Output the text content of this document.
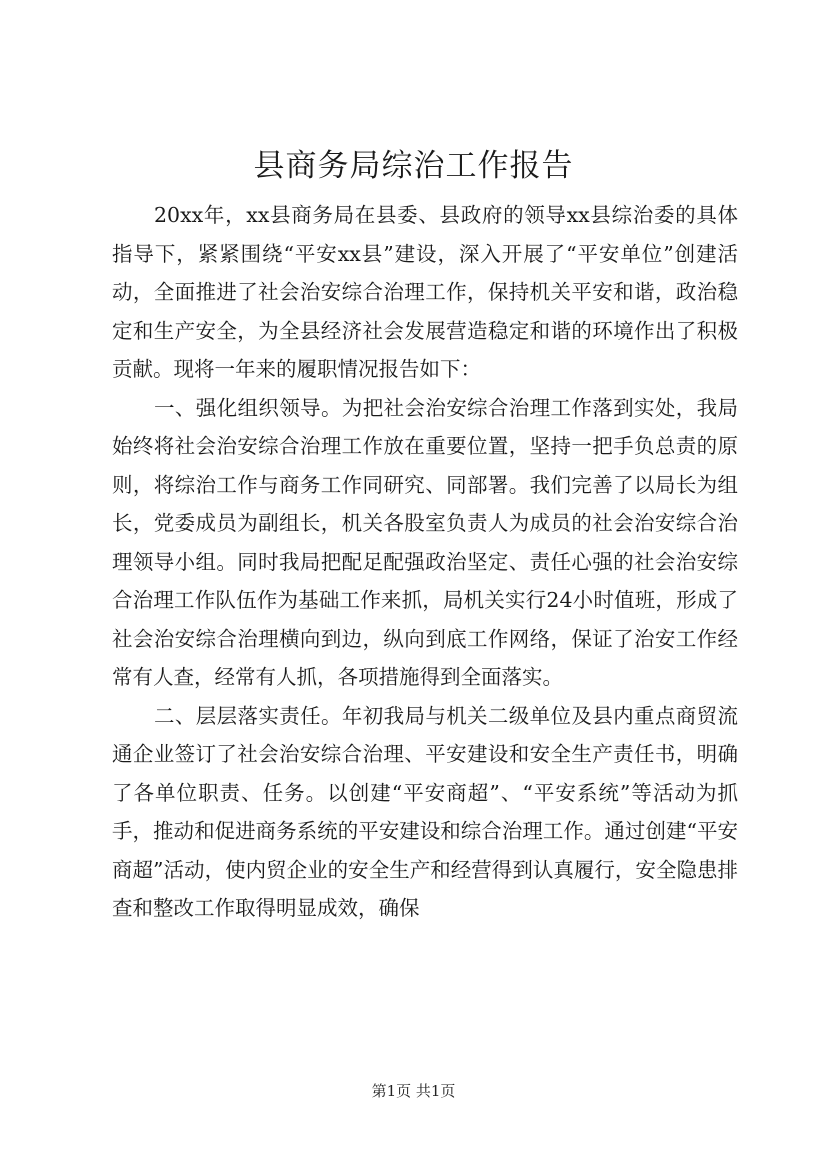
县商务局综治工作报告

20xx年，xx县商务局在县委、县政府的领导xx县综治委的具体指导下，紧紧围绕“平安xx县”建设，深入开展了“平安单位”创建活动，全面推进了社会治安综合治理工作，保持机关平安和谐，政治稳定和生产安全，为全县经济社会发展营造稳定和谐的环境作出了积极贡献。现将一年来的履职情况报告如下：

一、强化组织领导。为把社会治安综合治理工作落到实处，我局始终将社会治安综合治理工作放在重要位置，坚持一把手负总责的原则，将综治工作与商务工作同研究、同部署。我们完善了以局长为组长，党委成员为副组长，机关各股室负责人为成员的社会治安综合治理领导小组。同时我局把配足配强政治坚定、责任心强的社会治安综合治理工作队伍作为基础工作来抓，局机关实行24小时值班，形成了社会治安综合治理横向到边，纵向到底工作网络，保证了治安工作经常有人查，经常有人抓，各项措施得到全面落实。

二、层层落实责任。年初我局与机关二级单位及县内重点商贸流通企业签订了社会治安综合治理、平安建设和安全生产责任书，明确了各单位职责、任务。以创建“平安商超”、“平安系统”等活动为抓手，推动和促进商务系统的平安建设和综合治理工作。通过创建“平安商超”活动，使内贸企业的安全生产和经营得到认真履行，安全隐患排查和整改工作取得明显成效，确保

第1页 共1页
